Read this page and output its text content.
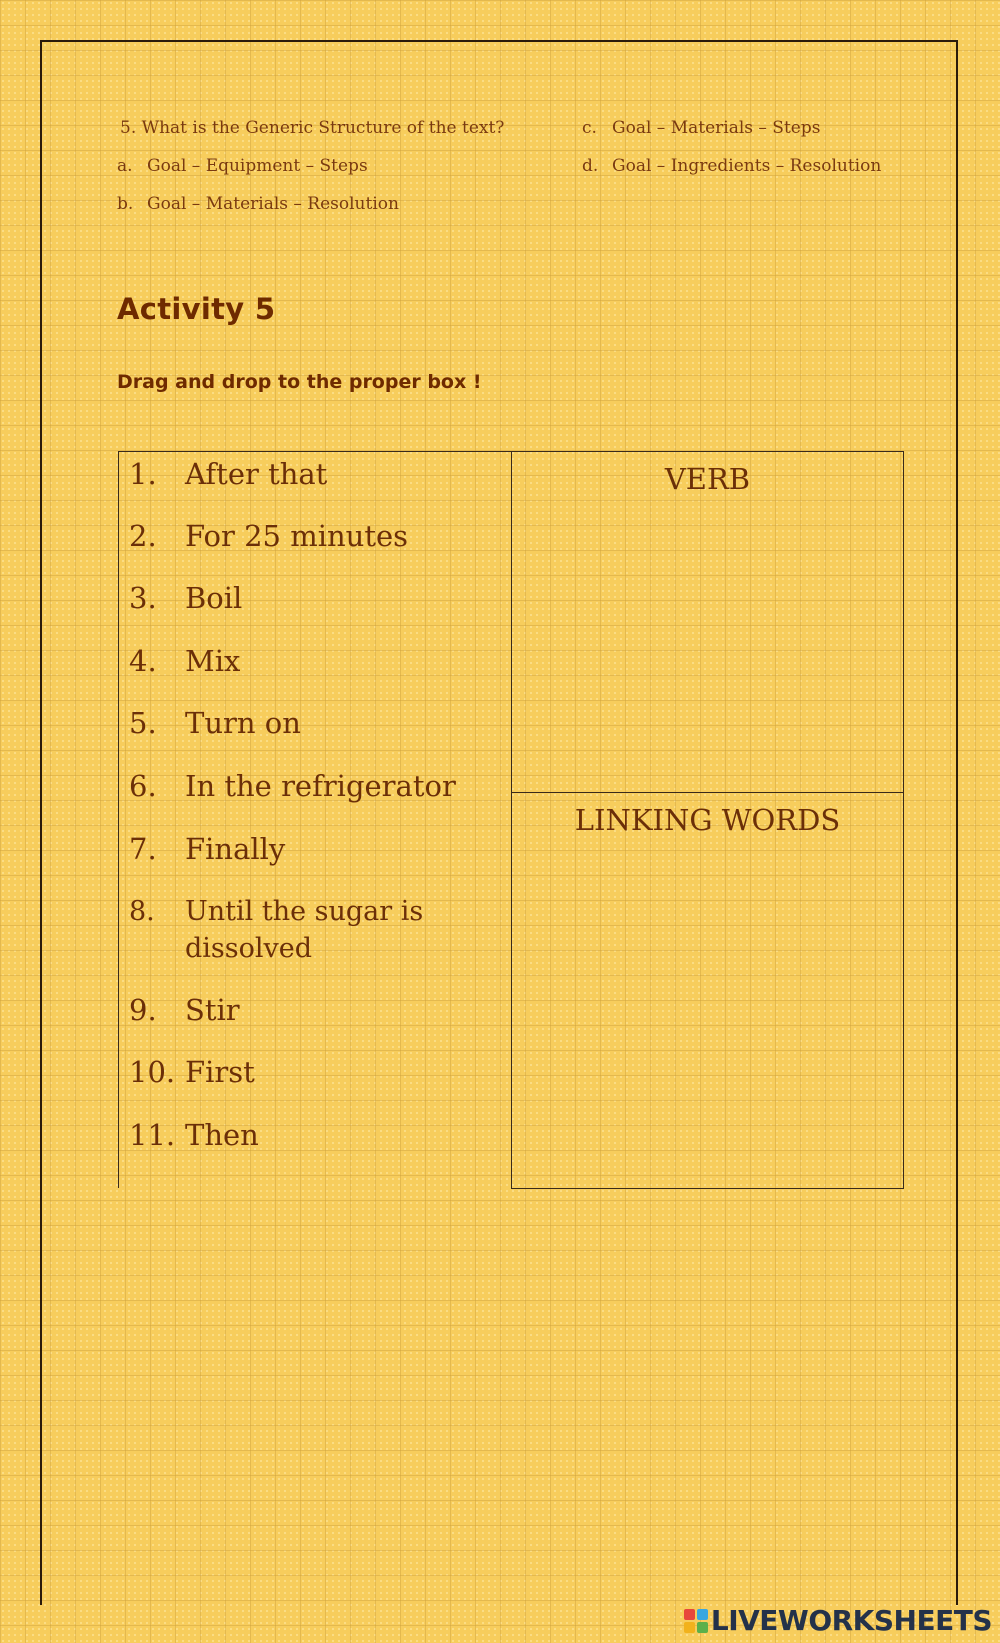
5. What is the Generic Structure of the text?
a. Goal – Equipment – Steps
b. Goal – Materials – Resolution
c. Goal – Materials – Steps
d. Goal – Ingredients – Resolution
Activity 5

Drag and drop to the proper box !

1. After that
2. For 25 minutes
3. Boil
4. Mix
5. Turn on
6. In the refrigerator
7. Finally
8. Until the sugar is
dissolved
9. Stir
10. First
11. Then
VERB
LINKING WORDS
LIVEWORKSHEETS
